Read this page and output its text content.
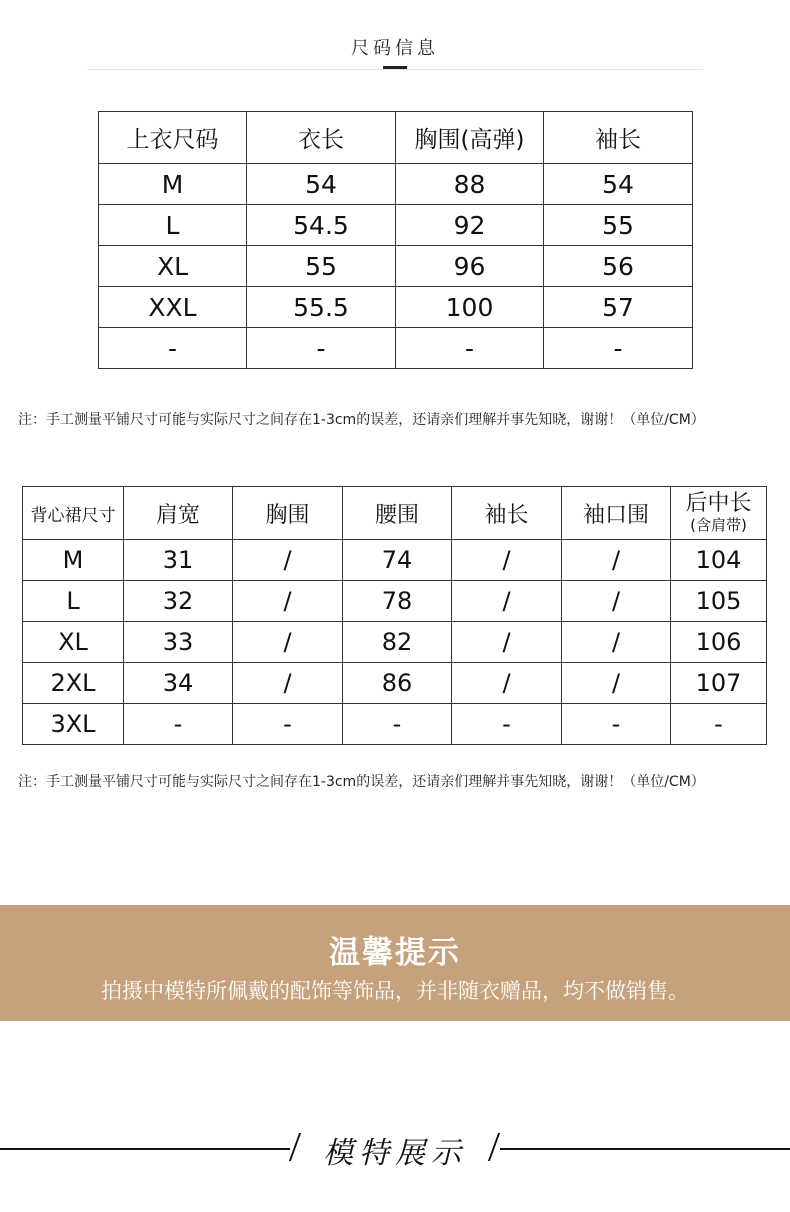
尺码信息
上衣尺码	衣长	胸围(高弹)	袖长
M	54	88	54
L	54.5	92	55
XL	55	96	56
XXL	55.5	100	57
-	-	-	-
注：手工测量平铺尺寸可能与实际尺寸之间存在1-3cm的误差，还请亲们理解并事先知晓，谢谢！（单位/CM）
背心裙尺寸	肩宽	胸围	腰围	袖长	袖口围	后中长
(含肩带)

M	31	/	74	/	/	104
L	32	/	78	/	/	105
XL	33	/	82	/	/	106
2XL	34	/	86	/	/	107
3XL	-	-	-	-	-	-
注：手工测量平铺尺寸可能与实际尺寸之间存在1-3cm的误差，还请亲们理解并事先知晓，谢谢！（单位/CM）
温馨提示
拍摄中模特所佩戴的配饰等饰品，并非随衣赠品，均不做销售。
模特展示
